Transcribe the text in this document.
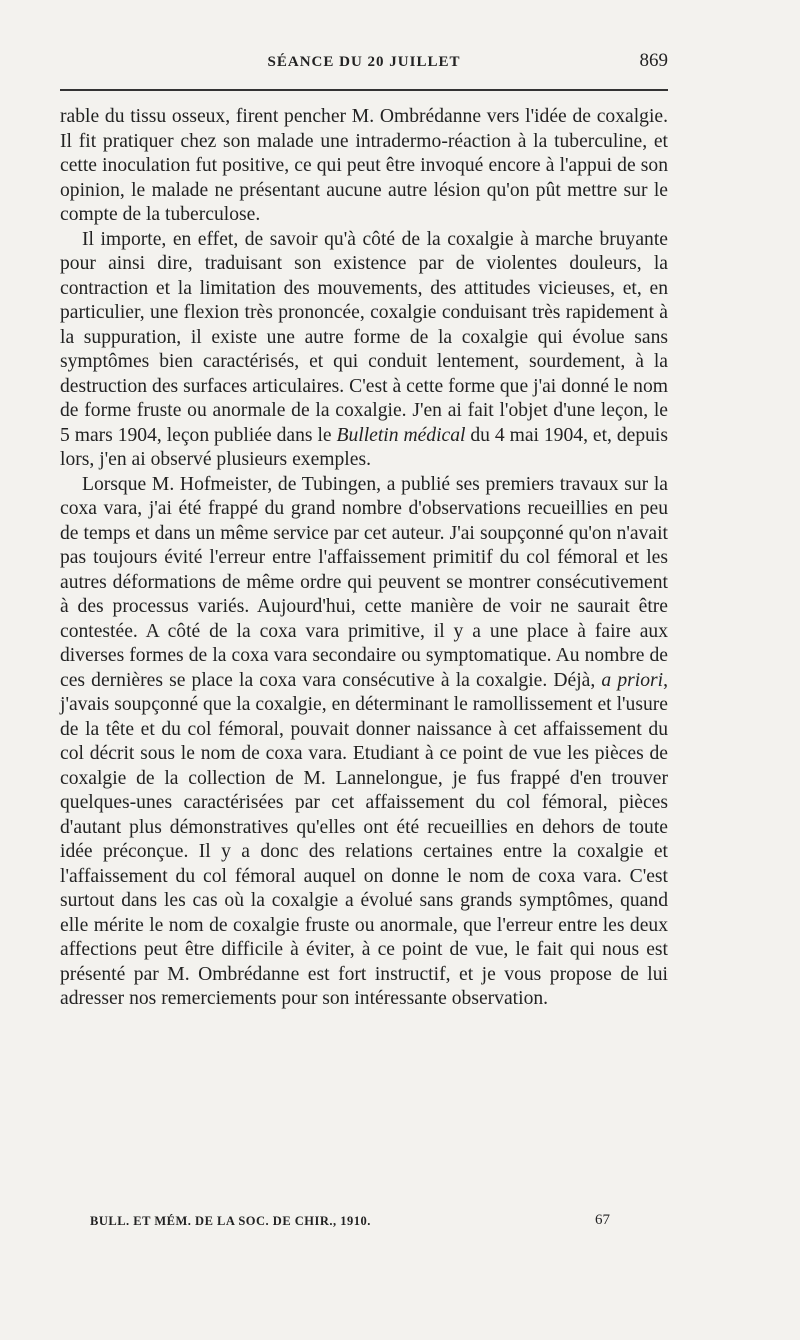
SÉANCE DU 20 JUILLET	869

rable du tissu osseux, firent pencher M. Ombrédanne vers l'idée de coxalgie. Il fit pratiquer chez son malade une intradermo-réaction à la tuberculine, et cette inoculation fut positive, ce qui peut être invoqué encore à l'appui de son opinion, le malade ne présentant aucune autre lésion qu'on pût mettre sur le compte de la tuberculose.

Il importe, en effet, de savoir qu'à côté de la coxalgie à marche bruyante pour ainsi dire, traduisant son existence par de violentes douleurs, la contraction et la limitation des mouvements, des attitudes vicieuses, et, en particulier, une flexion très prononcée, coxalgie conduisant très rapidement à la suppuration, il existe une autre forme de la coxalgie qui évolue sans symptômes bien caractérisés, et qui conduit lentement, sourdement, à la destruction des surfaces articulaires. C'est à cette forme que j'ai donné le nom de forme fruste ou anormale de la coxalgie. J'en ai fait l'objet d'une leçon, le 5 mars 1904, leçon publiée dans le Bulletin médical du 4 mai 1904, et, depuis lors, j'en ai observé plusieurs exemples.

Lorsque M. Hofmeister, de Tubingen, a publié ses premiers travaux sur la coxa vara, j'ai été frappé du grand nombre d'observations recueillies en peu de temps et dans un même service par cet auteur. J'ai soupçonné qu'on n'avait pas toujours évité l'erreur entre l'affaissement primitif du col fémoral et les autres déformations de même ordre qui peuvent se montrer consécutivement à des processus variés. Aujourd'hui, cette manière de voir ne saurait être contestée. A côté de la coxa vara primitive, il y a une place à faire aux diverses formes de la coxa vara secondaire ou symptomatique. Au nombre de ces dernières se place la coxa vara consécutive à la coxalgie. Déjà, a priori, j'avais soupçonné que la coxalgie, en déterminant le ramollissement et l'usure de la tête et du col fémoral, pouvait donner naissance à cet affaissement du col décrit sous le nom de coxa vara. Etudiant à ce point de vue les pièces de coxalgie de la collection de M. Lannelongue, je fus frappé d'en trouver quelques-unes caractérisées par cet affaissement du col fémoral, pièces d'autant plus démonstratives qu'elles ont été recueillies en dehors de toute idée préconçue. Il y a donc des relations certaines entre la coxalgie et l'affaissement du col fémoral auquel on donne le nom de coxa vara. C'est surtout dans les cas où la coxalgie a évolué sans grands symptômes, quand elle mérite le nom de coxalgie fruste ou anormale, que l'erreur entre les deux affections peut être difficile à éviter, à ce point de vue, le fait qui nous est présenté par M. Ombrédanne est fort instructif, et je vous propose de lui adresser nos remerciements pour son intéressante observation.

BULL. ET MÉM. DE LA SOC. DE CHIR., 1910.	67
